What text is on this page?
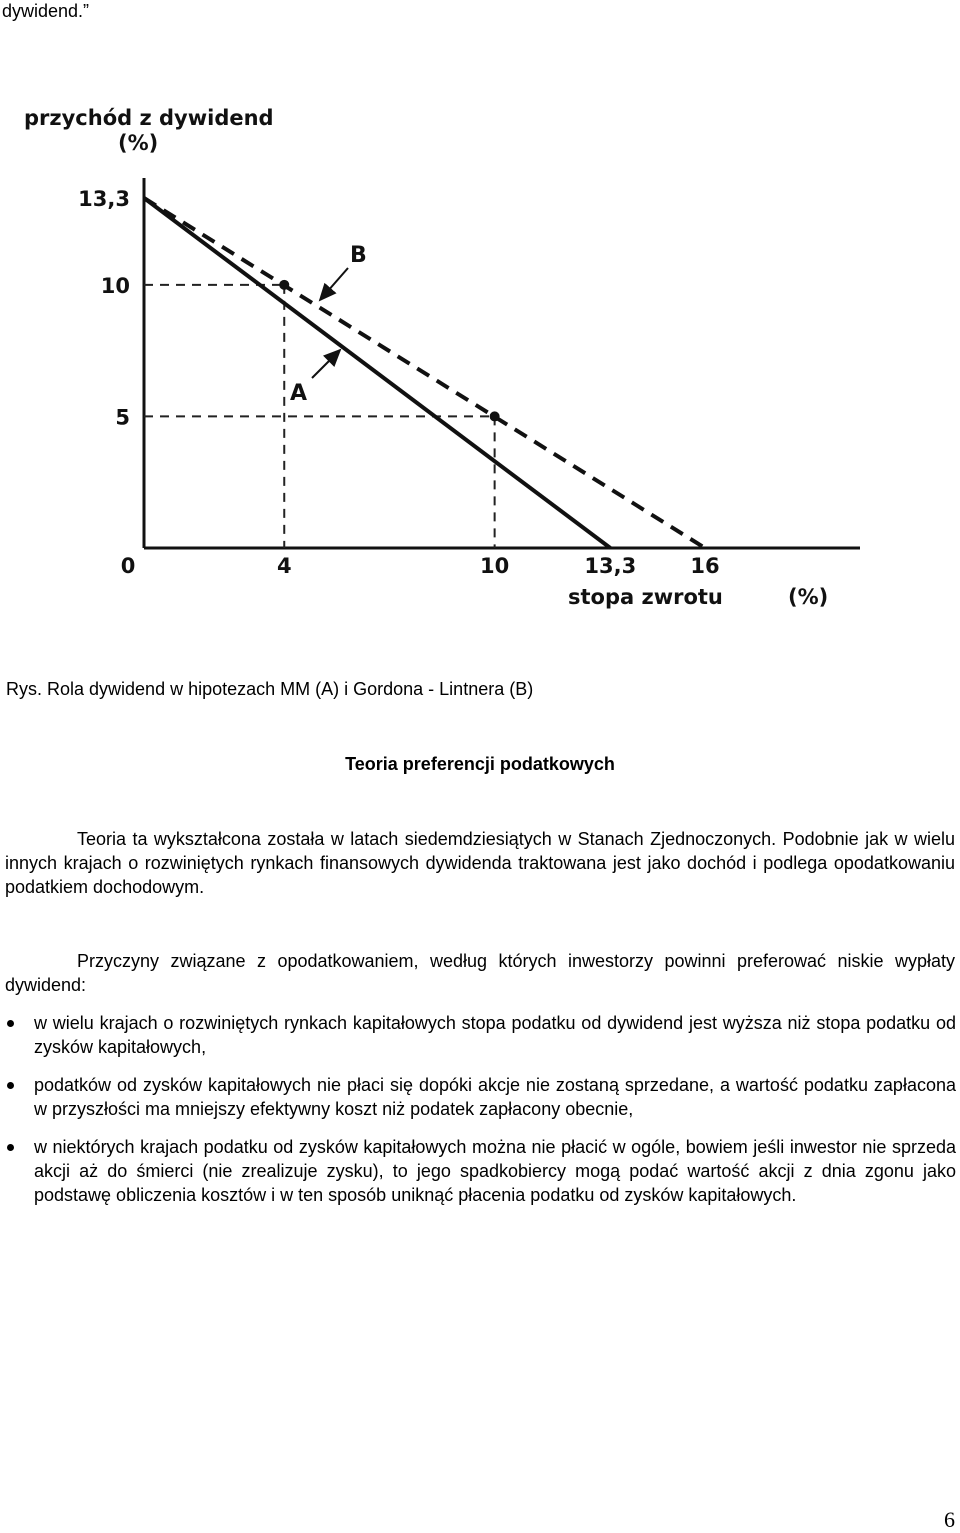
dywidend.”
przychód z dywidend
(%)
stopa zwrotu	(%)
13,3
10
5
0	4	10	13,3	16
A
B
Rys. Rola dywidend w hipotezach MM (A) i Gordona - Lintnera (B)
Teoria preferencji podatkowych

Teoria ta wykształcona została w latach siedemdziesiątych w Stanach Zjednoczonych. Podobnie jak w wielu innych krajach o rozwiniętych rynkach finansowych dywidenda traktowana jest jako dochód i podlega opodatkowaniu podatkiem dochodowym.

Przyczyny związane z opodatkowaniem, według których inwestorzy powinni preferować niskie wypłaty dywidend:

w wielu krajach o rozwiniętych rynkach kapitałowych stopa podatku od dywidend jest wyższa niż stopa podatku od zysków kapitałowych,
podatków od zysków kapitałowych nie płaci się dopóki akcje nie zostaną sprzedane, a wartość podatku zapłacona w przyszłości ma mniejszy efektywny koszt niż podatek zapłacony obecnie,
w niektórych krajach podatku od zysków kapitałowych można nie płacić w ogóle, bowiem jeśli inwestor nie sprzeda akcji aż do śmierci (nie zrealizuje zysku), to jego spadkobiercy mogą podać wartość akcji z dnia zgonu jako podstawę obliczenia kosztów i w ten sposób uniknąć płacenia podatku od zysków kapitałowych.
6
